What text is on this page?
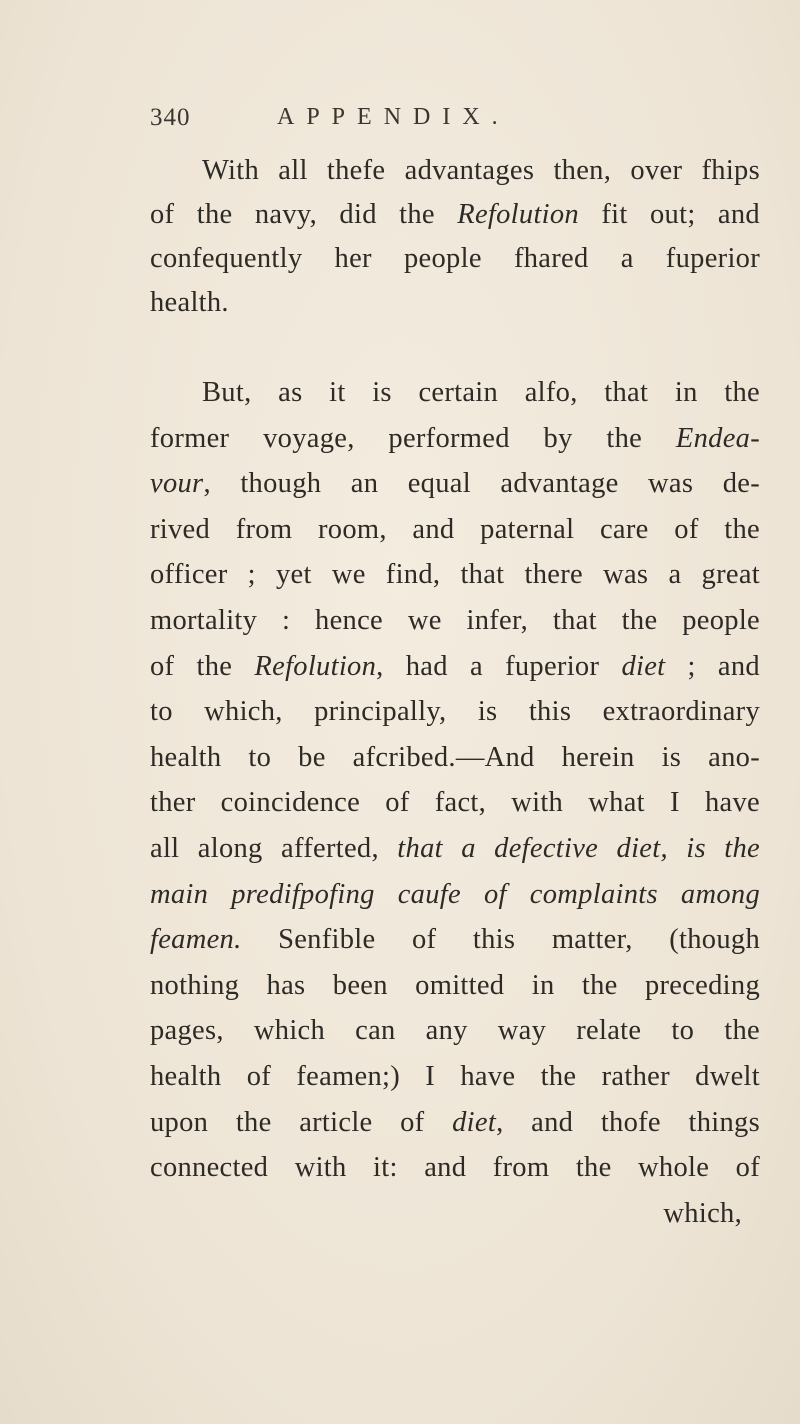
340	APPENDIX.
With all thefe advantages then, over fhips
of the navy, did the Refolution fit out; and
confequently her people fhared a fuperior
health.
But, as it is certain alfo, that in the
former voyage, performed by the Endea-
vour, though an equal advantage was de-
rived from room, and paternal care of the
officer ; yet we find, that there was a great
mortality : hence we infer, that the people
of the Refolution, had a fuperior diet ; and
to which, principally, is this extraordinary
health to be afcribed.—And herein is ano-
ther coincidence of fact, with what I have
all along afferted, that a defective diet, is the
main predifpofing caufe of complaints among
feamen. Senfible of this matter, (though
nothing has been omitted in the preceding
pages, which can any way relate to the
health of feamen;) I have the rather dwelt
upon the article of diet, and thofe things
connected with it: and from the whole of
which,
